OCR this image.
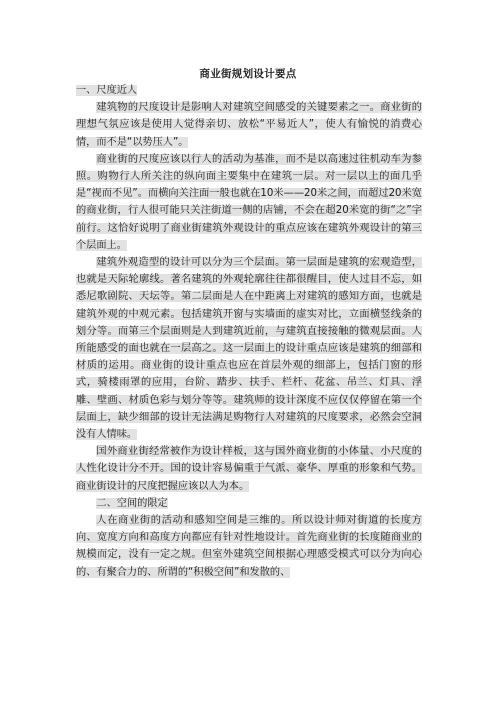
商业街规划设计要点

一、尺度近人

建筑物的尺度设计是影响人对建筑空间感受的关键要素之一。商业街的理想气氛应该是使用人觉得亲切、放松“平易近人”，使人有愉悦的消费心情，而不是“以势压人”。

商业街的尺度应该以行人的活动为基准，而不是以高速过往机动车为参照。购物行人所关注的纵向面主要集中在建筑一层。对一层以上的面几乎是“视而不见”。而横向关注面一般也就在10米——20米之间，而超过20米宽的商业街，行人很可能只关注街道一侧的店铺，不会在超20米宽的街“之”字前行。这恰好说明了商业街建筑外观设计的重点应该在建筑外观设计的第三个层面上。

建筑外观造型的设计可以分为三个层面。第一层面是建筑的宏观造型，也就是天际轮廓线。著名建筑的外观轮廓往往都很醒目，使人过目不忘，如悉尼歌剧院、天坛等。第二层面是人在中距离上对建筑的感知方面，也就是建筑外观的中观元素。包括建筑开窗与实墙面的虚实对比，立面横竖线条的划分等。而第三个层面则是人到建筑近前，与建筑直接接触的微观层面。人所能感受的面也就在一层高之。这一层面上的设计重点应该是建筑的细部和材质的运用。商业街的设计重点也应在首层外观的细部上，包括门窗的形式，骑楼雨罩的应用，台阶、踏步、扶手、栏杆、花盆、吊兰、灯具、浮雕、壁画、材质色彩与划分等等。建筑师的设计深度不应仅仅停留在第一个层面上，缺少细部的设计无法满足购物行人对建筑的尺度要求，必然会空洞没有人情味。

国外商业街经常被作为设计样板，这与国外商业街的小体量、小尺度的人性化设计分不开。国的设计容易偏重于气派、豪华、厚重的形象和气势。商业街设计的尺度把握应该以人为本。

二、空间的限定

人在商业街的活动和感知空间是三维的。所以设计师对街道的长度方向、宽度方向和高度方向都应有针对性地设计。首先商业街的长度随商业的规模而定，没有一定之规。但室外建筑空间根据心理感受模式可以分为向心的、有聚合力的、所谓的“积极空间”和发散的、
